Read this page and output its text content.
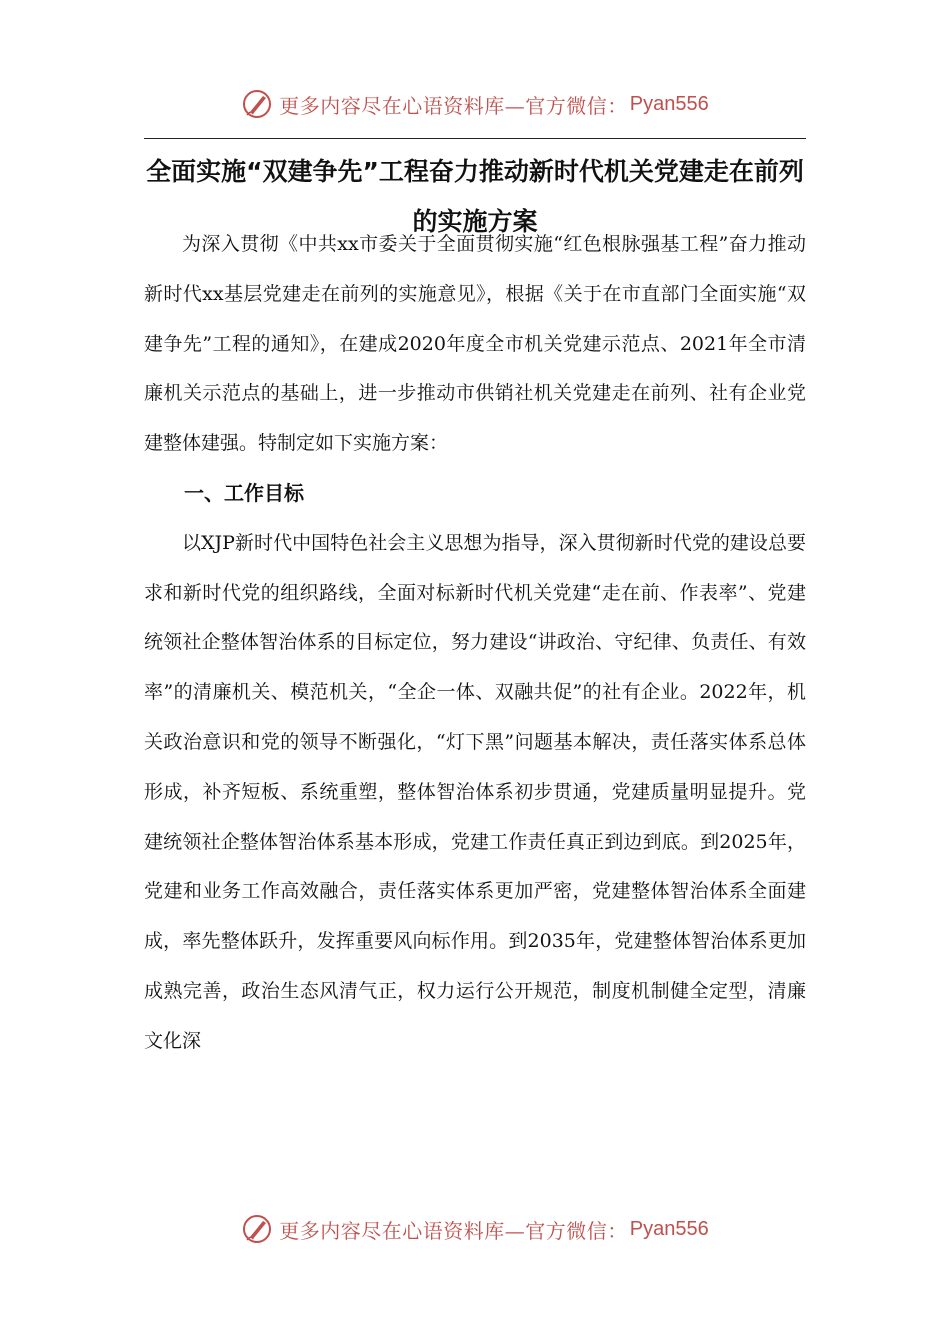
更多内容尽在心语资料库—官方微信： Pyan556
全面实施“双建争先”工程奋力推动新时代机关党建走在前列的实施方案

为深入贯彻《中共xx市委关于全面贯彻实施“红色根脉强基工程”奋力推动新时代xx基层党建走在前列的实施意见》，根据《关于在市直部门全面实施“双建争先”工程的通知》，在建成2020年度全市机关党建示范点、2021年全市清廉机关示范点的基础上，进一步推动市供销社机关党建走在前列、社有企业党建整体建强。特制定如下实施方案：

一、工作目标

以XJP新时代中国特色社会主义思想为指导，深入贯彻新时代党的建设总要求和新时代党的组织路线，全面对标新时代机关党建“走在前、作表率”、党建统领社企整体智治体系的目标定位，努力建设“讲政治、守纪律、负责任、有效率”的清廉机关、模范机关，“全企一体、双融共促”的社有企业。2022年，机关政治意识和党的领导不断强化，“灯下黑”问题基本解决，责任落实体系总体形成，补齐短板、系统重塑，整体智治体系初步贯通，党建质量明显提升。党建统领社企整体智治体系基本形成，党建工作责任真正到边到底。到2025年，党建和业务工作高效融合，责任落实体系更加严密，党建整体智治体系全面建成，率先整体跃升，发挥重要风向标作用。到2035年，党建整体智治体系更加成熟完善，政治生态风清气正，权力运行公开规范，制度机制健全定型，清廉文化深

更多内容尽在心语资料库—官方微信： Pyan556
